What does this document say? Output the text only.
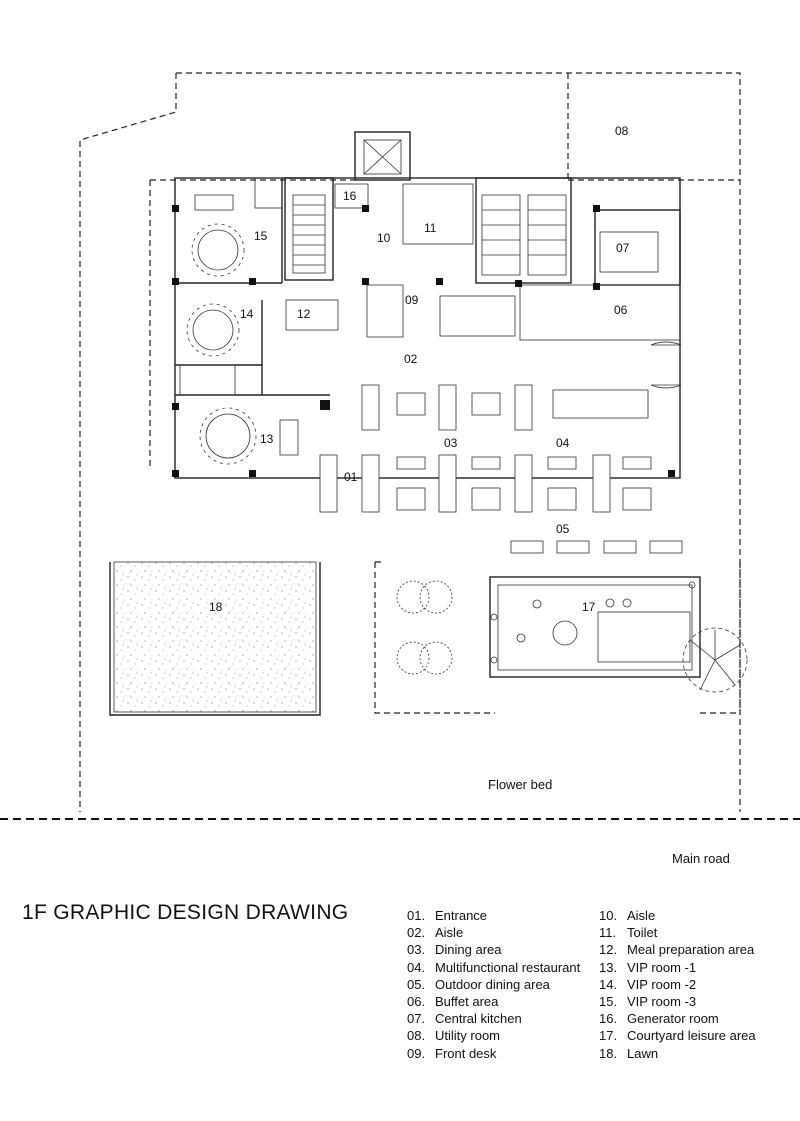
01
02
03	04
05
06
07
08
09
10
11
12
13
14
15
16
17
18
Flower bed
Main road
1F GRAPHIC DESIGN DRAWING	01. Entrance
02. Aisle
03. Dining area
04. Multifunctional restaurant
05. Outdoor dining area
06. Buffet area
07. Central kitchen
08. Utility room
09. Front desk
10. Aisle
11. Toilet
12. Meal preparation area
13. VIP room -1
14. VIP room -2
15. VIP room -3
16. Generator room
17. Courtyard leisure area
18. Lawn
